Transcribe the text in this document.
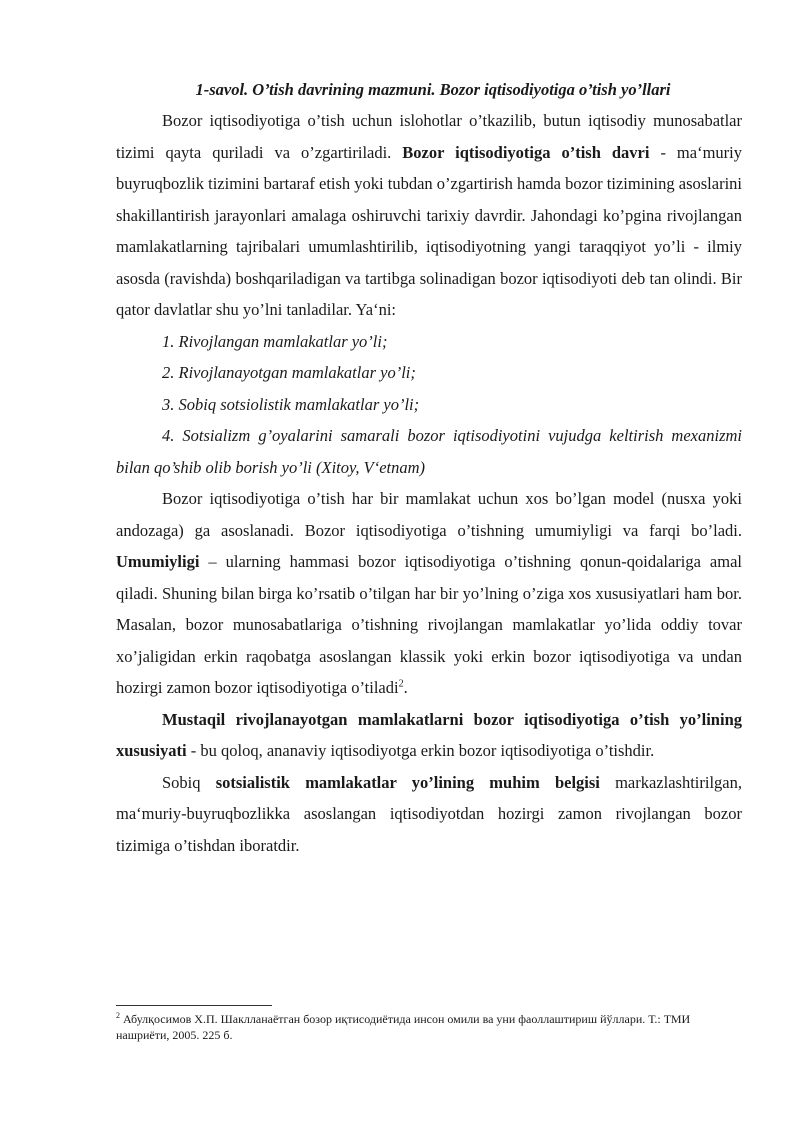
1-savol. O’tish davrining mazmuni. Bozor iqtisodiyotiga o’tish yo’llari

Bozor iqtisodiyotiga o’tish uchun islohotlar o’tkazilib, butun iqtisodiy munosabatlar tizimi qayta quriladi va o’zgartiriladi. Bozor iqtisodiyotiga o’tish davri - ma‘muriy buyruqbozlik tizimini bartaraf etish yoki tubdan o’zgartirish hamda bozor tizimining asoslarini shakillantirish jarayonlari amalaga oshiruvchi tarixiy davrdir. Jahondagi ko’pgina rivojlangan mamlakatlarning tajribalari umumlashtirilib, iqtisodiyotning yangi taraqqiyot yo’li - ilmiy asosda (ravishda) boshqariladigan va tartibga solinadigan bozor iqtisodiyoti deb tan olindi. Bir qator davlatlar shu yo’lni tanladilar. Ya‘ni:

1. Rivojlangan mamlakatlar yo’li;

2. Rivojlanayotgan mamlakatlar yo’li;

3. Sobiq sotsiolistik mamlakatlar yo’li;

4. Sotsializm g’oyalarini samarali bozor iqtisodiyotini vujudga keltirish mexanizmi bilan qo’shib olib borish yo’li (Xitoy, V‘etnam)

Bozor iqtisodiyotiga o’tish har bir mamlakat uchun xos bo’lgan model (nusxa yoki andozaga) ga asoslanadi. Bozor iqtisodiyotiga o’tishning umumiyligi va farqi bo’ladi. Umumiyligi – ularning hammasi bozor iqtisodiyotiga o’tishning qonun-qoidalariga amal qiladi. Shuning bilan birga ko’rsatib o’tilgan har bir yo’lning o’ziga xos xususiyatlari ham bor. Masalan, bozor munosabatlariga o’tishning rivojlangan mamlakatlar yo’lida oddiy tovar xo’jaligidan erkin raqobatga asoslangan klassik yoki erkin bozor iqtisodiyotiga va undan hozirgi zamon bozor iqtisodiyotiga o’tiladi$^2$.

Mustaqil rivojlanayotgan mamlakatlarni bozor iqtisodiyotiga o’tish yo’lining xususiyati - bu qoloq, ananaviy iqtisodiyotga erkin bozor iqtisodiyotiga o’tishdir.

Sobiq sotsialistik mamlakatlar yo’lining muhim belgisi markazlashtirilgan, ma‘muriy-buyruqbozlikka asoslangan iqtisodiyotdan hozirgi zamon rivojlangan bozor tizimiga o’tishdan iboratdir.

$^2$ Абулқосимов Х.П. Шаклланаётган бозор иқтисодиётида инсон омили ва уни фаоллаштириш йўллари. Т.: ТМИ нашриёти, 2005. 225 б.
